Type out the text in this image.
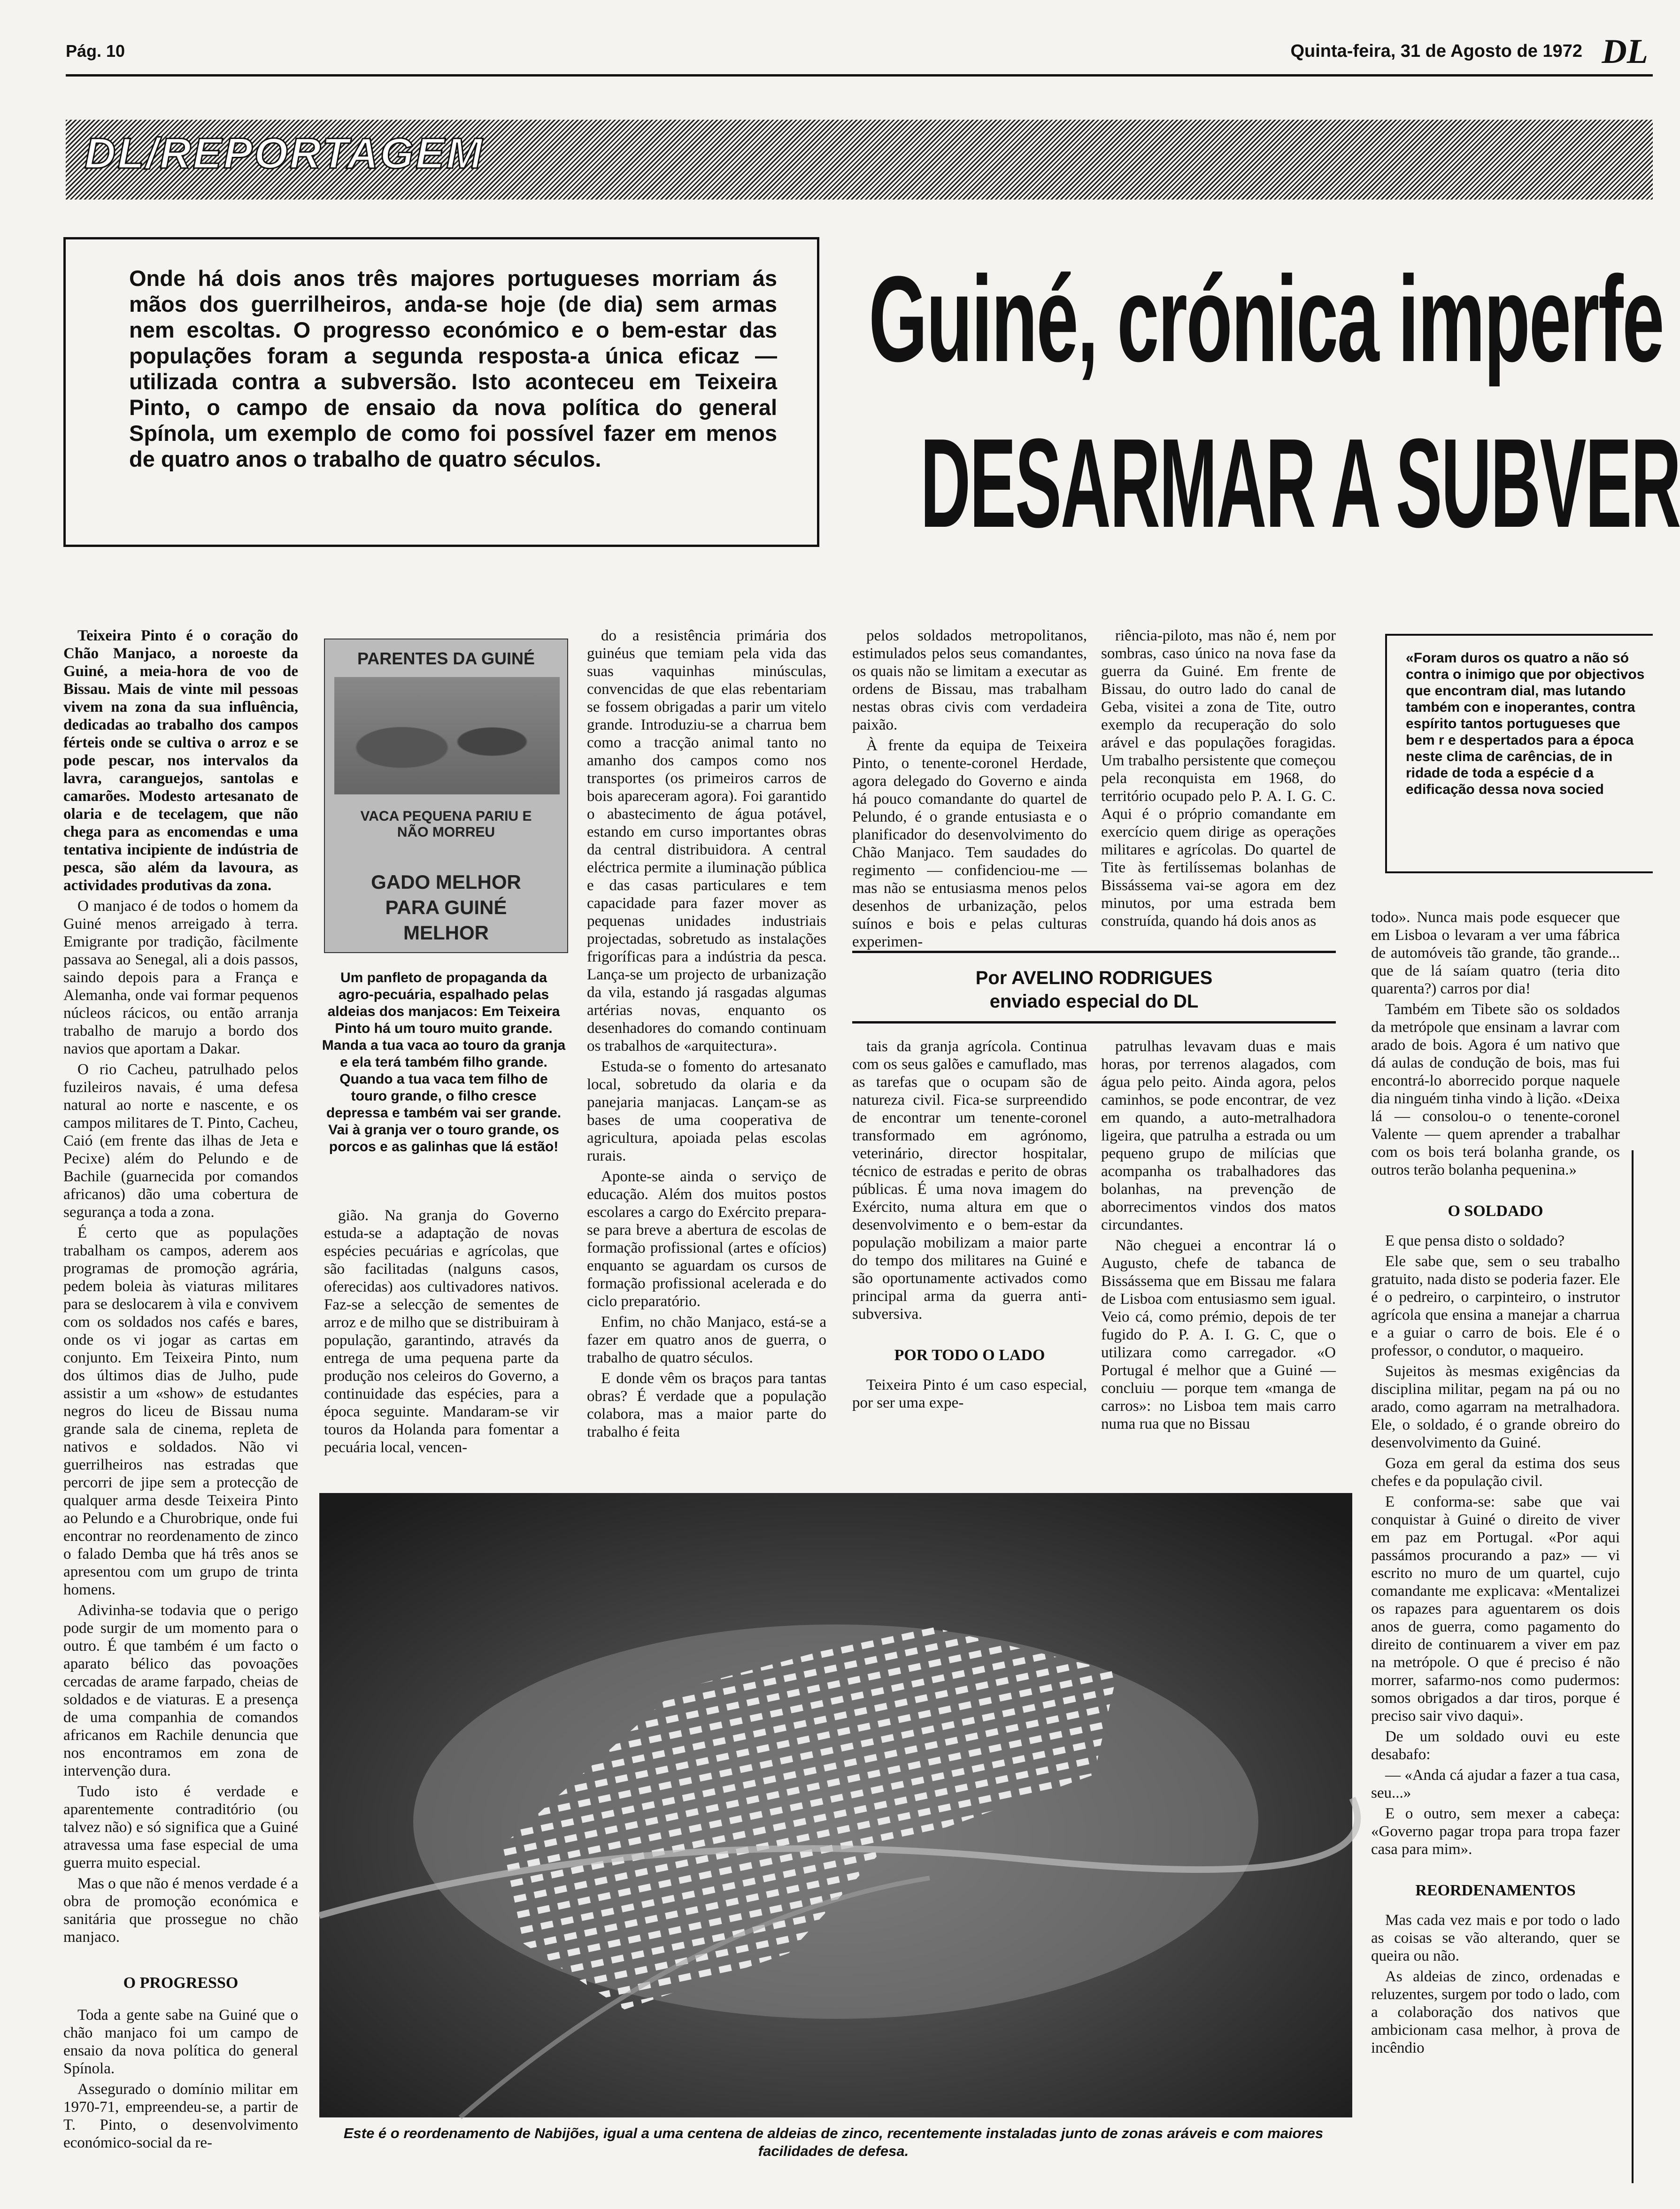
Pág. 10	Quinta-feira, 31 de Agosto de 1972 DL
DL/REPORTAGEM
Onde há dois anos três majores portugueses morriam ás mãos dos guerrilheiros, anda-se hoje (de dia) sem armas nem escoltas. O progresso económico e o bem-estar das populações foram a segunda resposta-a única eficaz — utilizada contra a subversão. Isto aconteceu em Teixeira Pinto, o campo de ensaio da nova política do general Spínola, um exemplo de como foi possível fazer em menos de quatro anos o trabalho de quatro séculos.
Guiné, crónica imperfe
DESARMAR A SUBVER

Teixeira Pinto é o coração do Chão Manjaco, a noroeste da Guiné, a meia-hora de voo de Bissau. Mais de vinte mil pessoas vivem na zona da sua influência, dedicadas ao trabalho dos campos férteis onde se cultiva o arroz e se pode pescar, nos intervalos da lavra, caranguejos, santolas e camarões. Modesto artesanato de olaria e de tecelagem, que não chega para as encomendas e uma tentativa incipiente de indústria de pesca, são além da lavoura, as actividades produtivas da zona.

O manjaco é de todos o homem da Guiné menos arreigado à terra. Emigrante por tradição, fàcilmente passava ao Senegal, ali a dois passos, saindo depois para a França e Alemanha, onde vai formar pequenos núcleos rácicos, ou então arranja trabalho de marujo a bordo dos navios que aportam a Dakar.

O rio Cacheu, patrulhado pelos fuzileiros navais, é uma defesa natural ao norte e nascente, e os campos militares de T. Pinto, Cacheu, Caió (em frente das ilhas de Jeta e Pecixe) além do Pelundo e de Bachile (guarnecida por comandos africanos) dão uma cobertura de segurança a toda a zona.

É certo que as populações trabalham os campos, aderem aos programas de promoção agrária, pedem boleia às viaturas militares para se deslocarem à vila e convivem com os soldados nos cafés e bares, onde os vi jogar as cartas em conjunto. Em Teixeira Pinto, num dos últimos dias de Julho, pude assistir a um «show» de estudantes negros do liceu de Bissau numa grande sala de cinema, repleta de nativos e soldados. Não vi guerrilheiros nas estradas que percorri de jipe sem a protecção de qualquer arma desde Teixeira Pinto ao Pelundo e a Churobrique, onde fui encontrar no reordenamento de zinco o falado Demba que há três anos se apresentou com um grupo de trinta homens.

Adivinha-se todavia que o perigo pode surgir de um momento para o outro. É que também é um facto o aparato bélico das povoações cercadas de arame farpado, cheias de soldados e de viaturas. E a presença de uma companhia de comandos africanos em Rachile denuncia que nos encontramos em zona de intervenção dura.

Tudo isto é verdade e aparentemente contraditório (ou talvez não) e só significa que a Guiné atravessa uma fase especial de uma guerra muito especial.

Mas o que não é menos verdade é a obra de promoção económica e sanitária que prossegue no chão manjaco.

O PROGRESSO

Toda a gente sabe na Guiné que o chão manjaco foi um campo de ensaio da nova política do general Spínola.

Assegurado o domínio militar em 1970-71, empreendeu-se, a partir de T. Pinto, o desenvolvimento económico-social da re-

PARENTES DA GUINÉ
VACA PEQUENA PARIU E NÃO MORREU
GADO MELHOR PARA GUINÉ MELHOR
Um panfleto de propaganda da agro-pecuária, espalhado pelas aldeias dos manjacos: Em Teixeira Pinto há um touro muito grande. Manda a tua vaca ao touro da granja e ela terá também filho grande. Quando a tua vaca tem filho de touro grande, o filho cresce depressa e também vai ser grande. Vai à granja ver o touro grande, os porcos e as galinhas que lá estão!

gião. Na granja do Governo estuda-se a adaptação de novas espécies pecuárias e agrícolas, que são facilitadas (nalguns casos, oferecidas) aos cultivadores nativos. Faz-se a selecção de sementes de arroz e de milho que se distribuiram à população, garantindo, através da entrega de uma pequena parte da produção nos celeiros do Governo, a continuidade das espécies, para a época seguinte. Mandaram-se vir touros da Holanda para fomentar a pecuária local, vencen-

do a resistência primária dos guinéus que temiam pela vida das suas vaquinhas minúsculas, convencidas de que elas rebentariam se fossem obrigadas a parir um vitelo grande. Introduziu-se a charrua bem como a tracção animal tanto no amanho dos campos como nos transportes (os primeiros carros de bois apareceram agora). Foi garantido o abastecimento de água potável, estando em curso importantes obras da central distribuidora. A central eléctrica permite a iluminação pública e das casas particulares e tem capacidade para fazer mover as pequenas unidades industriais projectadas, sobretudo as instalações frigoríficas para a indústria da pesca. Lança-se um projecto de urbanização da vila, estando já rasgadas algumas artérias novas, enquanto os desenhadores do comando continuam os trabalhos de «arquitectura».

Estuda-se o fomento do artesanato local, sobretudo da olaria e da panejaria manjacas. Lançam-se as bases de uma cooperativa de agricultura, apoiada pelas escolas rurais.

Aponte-se ainda o serviço de educação. Além dos muitos postos escolares a cargo do Exército prepara-se para breve a abertura de escolas de formação profissional (artes e ofícios) enquanto se aguardam os cursos de formação profissional acelerada e do ciclo preparatório.

Enfim, no chão Manjaco, está-se a fazer em quatro anos de guerra, o trabalho de quatro séculos.

E donde vêm os braços para tantas obras? É verdade que a população colabora, mas a maior parte do trabalho é feita

pelos soldados metropolitanos, estimulados pelos seus comandantes, os quais não se limitam a executar as ordens de Bissau, mas trabalham nestas obras civis com verdadeira paixão.

À frente da equipa de Teixeira Pinto, o tenente-coronel Herdade, agora delegado do Governo e ainda há pouco comandante do quartel de Pelundo, é o grande entusiasta e o planificador do desenvolvimento do Chão Manjaco. Tem saudades do regimento — confidenciou-me — mas não se entusiasma menos pelos desenhos de urbanização, pelos suínos e bois e pelas culturas experimen-

riência-piloto, mas não é, nem por sombras, caso único na nova fase da guerra da Guiné. Em frente de Bissau, do outro lado do canal de Geba, visitei a zona de Tite, outro exemplo da recuperação do solo arável e das populações foragidas. Um trabalho persistente que começou pela reconquista em 1968, do território ocupado pelo P. A. I. G. C. Aqui é o próprio comandante em exercício quem dirige as operações militares e agrícolas. Do quartel de Tite às fertilíssemas bolanhas de Bissássema vai-se agora em dez minutos, por uma estrada bem construída, quando há dois anos as

Por AVELINO RODRIGUES
enviado especial do DL

tais da granja agrícola. Continua com os seus galões e camuflado, mas as tarefas que o ocupam são de natureza civil. Fica-se surpreendido de encontrar um tenente-coronel transformado em agrónomo, veterinário, director hospitalar, técnico de estradas e perito de obras públicas. É uma nova imagem do Exército, numa altura em que o desenvolvimento e o bem-estar da população mobilizam a maior parte do tempo dos militares na Guiné e são oportunamente activados como principal arma da guerra anti-subversiva.

POR TODO O LADO

Teixeira Pinto é um caso especial, por ser uma expe-

patrulhas levavam duas e mais horas, por terrenos alagados, com água pelo peito. Ainda agora, pelos caminhos, se pode encontrar, de vez em quando, a auto-metralhadora ligeira, que patrulha a estrada ou um pequeno grupo de milícias que acompanha os trabalhadores das bolanhas, na prevenção de aborrecimentos vindos dos matos circundantes.

Não cheguei a encontrar lá o Augusto, chefe de tabanca de Bissássema que em Bissau me falara de Lisboa com entusiasmo sem igual. Veio cá, como prémio, depois de ter fugido do P. A. I. G. C, que o utilizara como carregador. «O Portugal é melhor que a Guiné — concluiu — porque tem «manga de carros»: no Lisboa tem mais carro numa rua que no Bissau

«Foram duros os quatro a não só contra o inimigo que por objectivos que encontram dial, mas lutando também con e inoperantes, contra espírito tantos portugueses que bem r e despertados para a época neste clima de carências, de in ridade de toda a espécie d a edificação dessa nova socied

todo». Nunca mais pode esquecer que em Lisboa o levaram a ver uma fábrica de automóveis tão grande, tão grande... que de lá saíam quatro (teria dito quarenta?) carros por dia!

Também em Tibete são os soldados da metrópole que ensinam a lavrar com arado de bois. Agora é um nativo que dá aulas de condução de bois, mas fui encontrá-lo aborrecido porque naquele dia ninguém tinha vindo à lição. «Deixa lá — consolou-o o tenente-coronel Valente — quem aprender a trabalhar com os bois terá bolanha grande, os outros terão bolanha pequenina.»

O SOLDADO

E que pensa disto o soldado?

Ele sabe que, sem o seu trabalho gratuito, nada disto se poderia fazer. Ele é o pedreiro, o carpinteiro, o instrutor agrícola que ensina a manejar a charrua e a guiar o carro de bois. Ele é o professor, o condutor, o maqueiro.

Sujeitos às mesmas exigências da disciplina militar, pegam na pá ou no arado, como agarram na metralhadora. Ele, o soldado, é o grande obreiro do desenvolvimento da Guiné.

Goza em geral da estima dos seus chefes e da população civil.

E conforma-se: sabe que vai conquistar à Guiné o direito de viver em paz em Portugal. «Por aqui passámos procurando a paz» — vi escrito no muro de um quartel, cujo comandante me explicava: «Mentalizei os rapazes para aguentarem os dois anos de guerra, como pagamento do direito de continuarem a viver em paz na metrópole. O que é preciso é não morrer, safarmo-nos como pudermos: somos obrigados a dar tiros, porque é preciso sair vivo daqui».

De um soldado ouvi eu este desabafo:

— «Anda cá ajudar a fazer a tua casa, seu...»

E o outro, sem mexer a cabeça: «Governo pagar tropa para tropa fazer casa para mim».

REORDENAMENTOS

Mas cada vez mais e por todo o lado as coisas se vão alterando, quer se queira ou não.

As aldeias de zinco, ordenadas e reluzentes, surgem por todo o lado, com a colaboração dos nativos que ambicionam casa melhor, à prova de incêndio

Este é o reordenamento de Nabijões, igual a uma centena de aldeias de zinco, recentemente instaladas junto de zonas aráveis e com maiores facilidades de defesa.
